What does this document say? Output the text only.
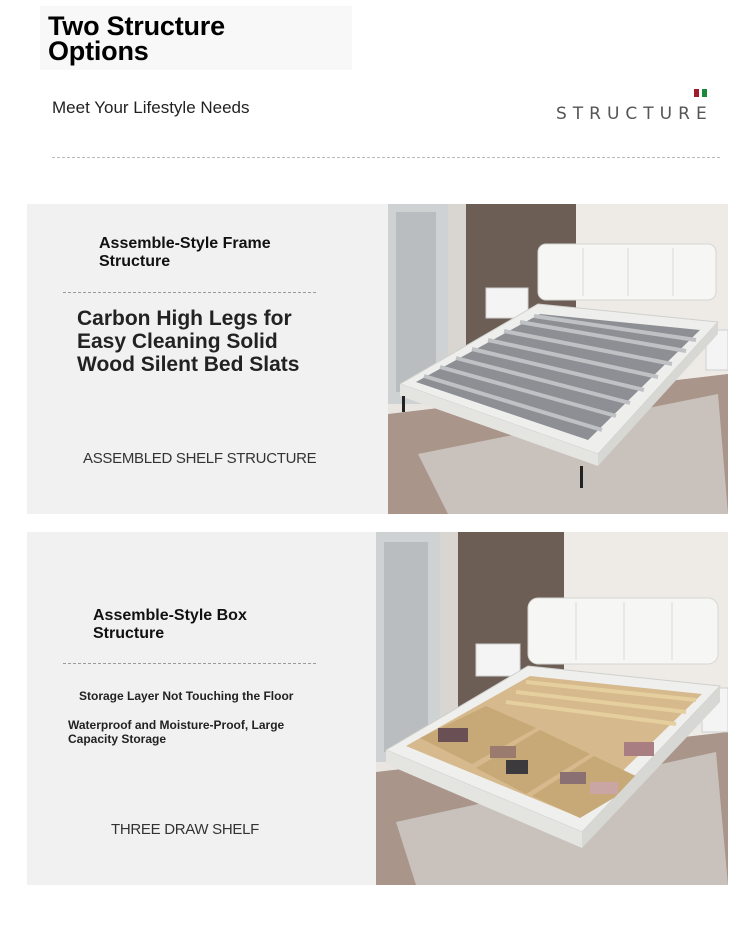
Two Structure
Options
Meet Your Lifestyle Needs	STRUCTURE
Assemble-Style Frame
Structure
Carbon High Legs for
Easy Cleaning Solid
Wood Silent Bed Slats
ASSEMBLED SHELF STRUCTURE
Assemble-Style Box
Structure
Storage Layer Not Touching the Floor
Waterproof and Moisture-Proof, Large
Capacity Storage
THREE DRAW SHELF
